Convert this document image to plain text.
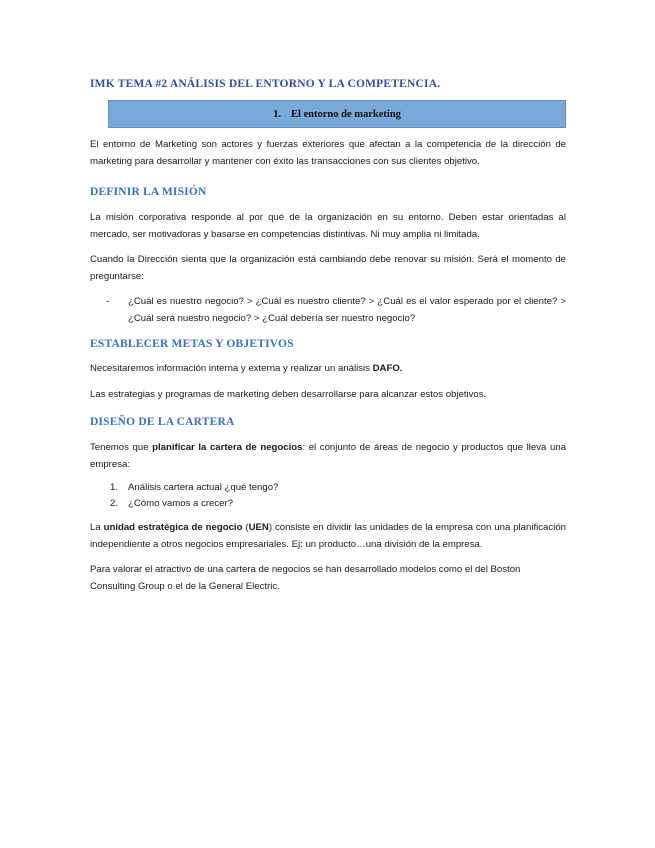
IMK TEMA #2 ANÁLISIS DEL ENTORNO Y LA COMPETENCIA.
1. El entorno de marketing

El entorno de Marketing son actores y fuerzas exteriores que afectan a la competencia de la dirección de marketing para desarrollar y mantener con éxito las transacciones con sus clientes objetivo.

DEFINIR LA MISIÓN

La misión corporativa responde al por qué de la organización en su entorno. Deben estar orientadas al mercado, ser motivadoras y basarse en competencias distintivas. Ni muy amplia ni limitada.

Cuando la Dirección sienta que la organización está cambiando debe renovar su misión. Será el momento de preguntarse:

-	¿Cuál es nuestro negocio? > ¿Cuál es nuestro cliente? > ¿Cuál es el valor esperado por el cliente? > ¿Cuál será nuestro negocio? > ¿Cuál debería ser nuestro negocio?
ESTABLECER METAS Y OBJETIVOS

Necesitaremos información interna y externa y realizar un análisis DAFO.

Las estrategias y programas de marketing deben desarrollarse para alcanzar estos objetivos.

DISEÑO DE LA CARTERA

Tenemos que planificar la cartera de negocios: el conjunto de áreas de negocio y productos que lleva una empresa:

1.	Análisis cartera actual ¿qué tengo?
2.	¿Cómo vamos a crecer?

La unidad estratégica de negocio (UEN) consiste en dividir las unidades de la empresa con una planificación independiente a otros negocios empresariales. Ej: un producto…una división de la empresa.

Para valorar el atractivo de una cartera de negocios se han desarrollado modelos como el del Boston Consulting Group o el de la General Electric.
